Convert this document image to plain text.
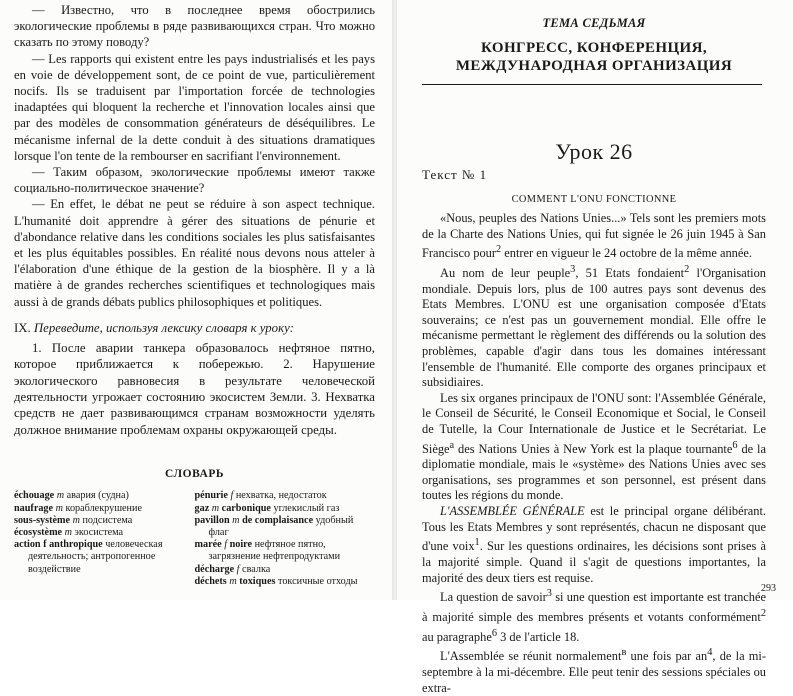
— Известно, что в последнее время обострились экологические проблемы в ряде развивающихся стран. Что можно сказать по этому поводу?

— Les rapports qui existent entre les pays industrialisés et les pays en voie de développement sont, de ce point de vue, particulièrement nocifs. Ils se traduisent par l'importation forcée de technologies inadaptées qui bloquent la recherche et l'innovation locales ainsi que par des modèles de consommation générateurs de déséquilibres. Le mécanisme infernal de la dette conduit à des situations dramatiques lorsque l'on tente de la rembourser en sacrifiant l'environnement.

— Таким образом, экологические проблемы имеют также социально-политическое значение?

— En effet, le débat ne peut se réduire à son aspect technique. L'humanité doit apprendre à gérer des situations de pénurie et d'abondance relative dans les conditions sociales les plus satisfaisantes et les plus équitables possibles. En réalité nous devons nous atteler à l'élaboration d'une éthique de la gestion de la biosphère. Il y a là matière à de grandes recherches scientifiques et technologiques mais aussi à de grands débats publics philosophiques et politiques.

IX. Переведите, используя лексику словаря к уроку:

1. После аварии танкера образовалось нефтяное пятно, которое приближается к побережью. 2. Нарушение экологического равновесия в результате человеческой деятельности угрожает состоянию экосистем Земли. 3. Нехватка средств не дает развивающимся странам возможности уделять должное внимание проблемам охраны окружающей среды.

СЛОВАРЬ
échouage m авария (судна)
naufrage m кораблекрушение
sous-système m подсистема
écosystème m экосистема
action f anthropique человеческая деятельность; антропогенное воздействие
pénurie f нехватка, недостаток
gaz m carbonique углекислый газ
pavillon m de complaisance удобный флаг
marée f noire нефтяное пятно, загрязнение нефтепродуктами
décharge f свалка
déchets m toxiques токсичные отходы
ТЕМА СЕДЬМАЯ
КОНГРЕСС, КОНФЕРЕНЦИЯ,
МЕЖДУНАРОДНАЯ ОРГАНИЗАЦИЯ
Урок 26
Текст № 1
COMMENT L'ONU FONCTIONNE

«Nous, peuples des Nations Unies...» Tels sont les premiers mots de la Charte des Nations Unies, qui fut signée le 26 juin 1945 à San Francisco pour$^2$ entrer en vigueur le 24 octobre de la même année.

Au nom de leur peuple$^3$, 51 Etats fondaient$^2$ l'Organisation mondiale. Depuis lors, plus de 100 autres pays sont devenus des Etats Membres. L'ONU est une organisation composée d'Etats souverains; ce n'est pas un gouvernement mondial. Elle offre le mécanisme permettant le règlement des différends ou la solution des problèmes, capable d'agir dans tous les domaines intéressant l'ensemble de l'humanité. Elle comporte des organes principaux et subsidiaires.

Les six organes principaux de l'ONU sont: l'Assemblée Générale, le Conseil de Sécurité, le Conseil Economique et Social, le Conseil de Tutelle, la Cour Internationale de Justice et le Secrétariat. Le Siège$^a$ des Nations Unies à New York est la plaque tournante$^6$ de la diplomatie mondiale, mais le «système» des Nations Unies avec ses organisations, ses programmes et son personnel, est présent dans toutes les régions du monde.

L'ASSEMBLÉE GÉNÉRALE est le principal organe délibérant. Tous les Etats Membres y sont représentés, chacun ne disposant que d'une voix$^1$. Sur les questions ordinaires, les décisions sont prises à la majorité simple. Quand il s'agit de questions importantes, la majorité des deux tiers est requise.

La question de savoir$^3$ si une question est importante est tranchée à majorité simple des membres présents et votants conformément$^2$ au paragraphe$^6$ 3 de l'article 18.

L'Assemblée se réunit normalement$^в$ une fois par $an^4$, de la mi-septembre à la mi-décembre. Elle peut tenir des sessions spéciales ou extra-

293
